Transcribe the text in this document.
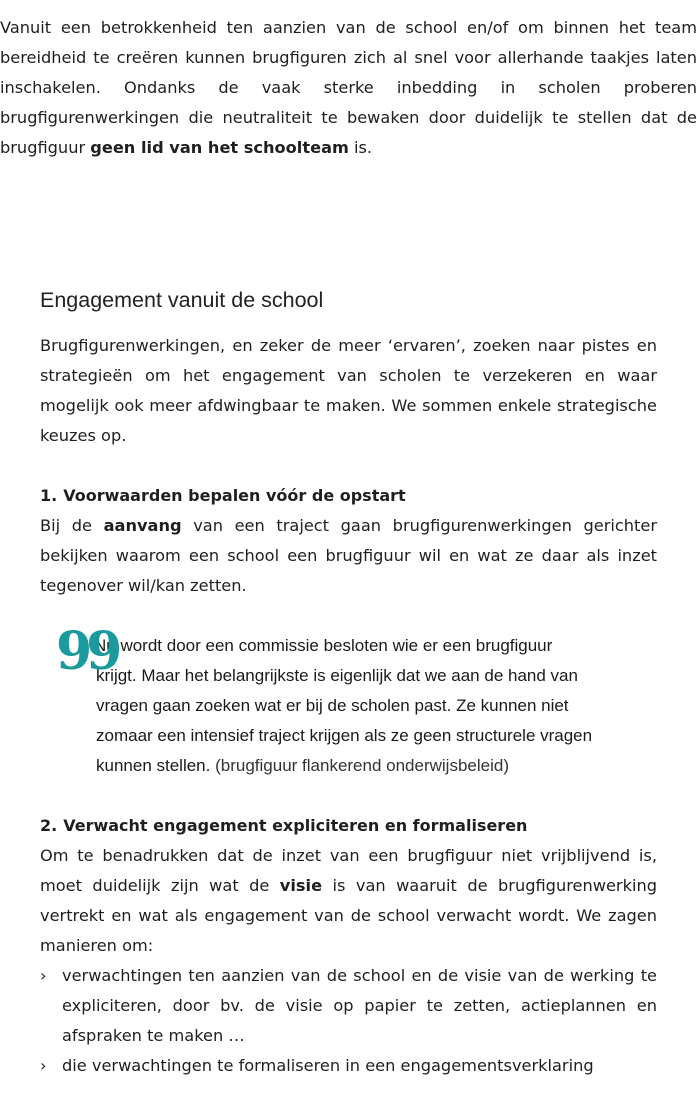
Vanuit een betrokkenheid ten aanzien van de school en/of om binnen het team bereidheid te creëren kunnen brugfiguren zich al snel voor allerhande taakjes laten inschakelen. Ondanks de vaak sterke inbedding in scholen proberen brugfigurenwerkingen die neutraliteit te bewaken door duidelijk te stellen dat de brugfiguur geen lid van het schoolteam is.

Engagement vanuit de school

Brugfigurenwerkingen, en zeker de meer ‘ervaren’, zoeken naar pistes en strategieën om het engagement van scholen te verzekeren en waar mogelijk ook meer afdwingbaar te maken. We sommen enkele strategische keuzes op.

1. Voorwaarden bepalen vóór de opstart

Bij de aanvang van een traject gaan brugfigurenwerkingen gerichter bekijken waarom een school een brugfiguur wil en wat ze daar als inzet tegenover wil/kan zetten.

99
Nu wordt door een commissie besloten wie er een brugfiguur
krijgt. Maar het belangrijkste is eigenlijk dat we aan de hand van
vragen gaan zoeken wat er bij de scholen past. Ze kunnen niet
zomaar een intensief traject krijgen als ze geen structurele vragen
kunnen stellen. (brugfiguur flankerend onderwijsbeleid)
2. Verwacht engagement expliciteren en formaliseren

Om te benadrukken dat de inzet van een brugfiguur niet vrijblijvend is, moet duidelijk zijn wat de visie is van waaruit de brugfigurenwerking vertrekt en wat als engagement van de school verwacht wordt. We zagen manieren om:

› verwachtingen ten aanzien van de school en de visie van de werking te expliciteren, door bv. de visie op papier te zetten, actieplannen en afspraken te maken …
› die verwachtingen te formaliseren in een engagementsverklaring
